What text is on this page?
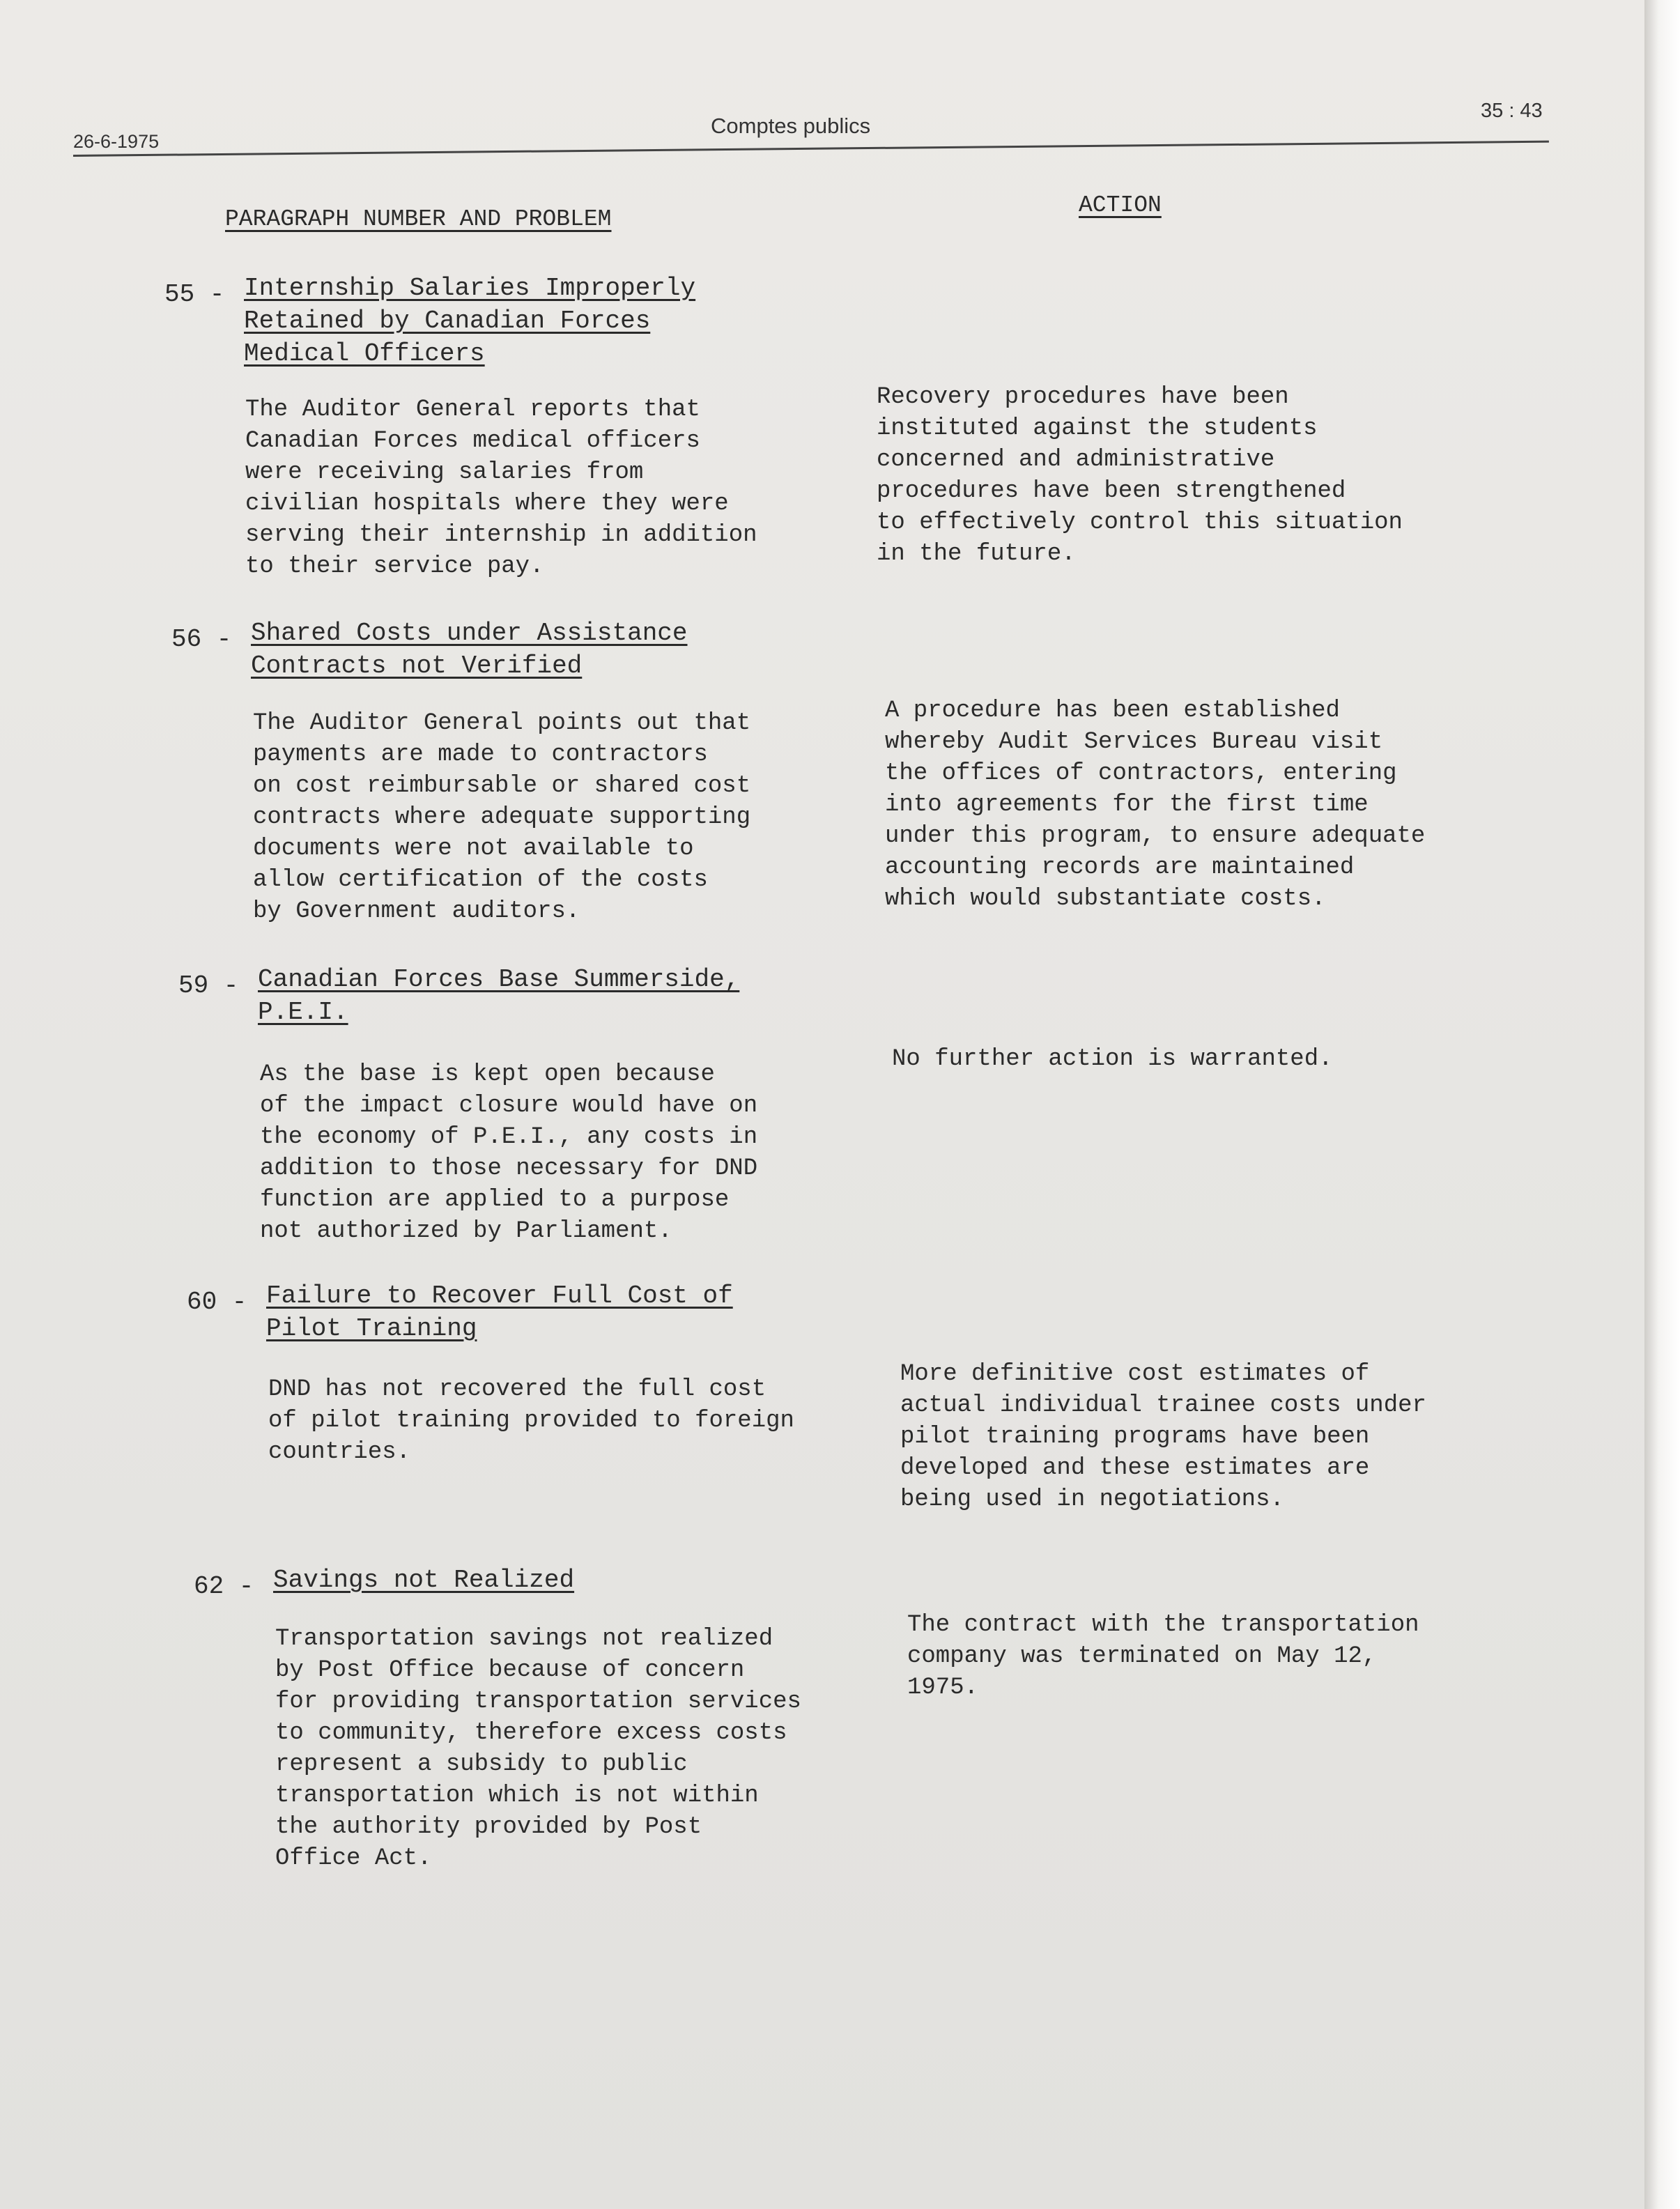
26-6-1975
Comptes publics
35 : 43
PARAGRAPH NUMBER AND PROBLEM
ACTION
55 - Internship Salaries Improperly Retained by Canadian Forces Medical Officers
The Auditor General reports that
Canadian Forces medical officers
were receiving salaries from
civilian hospitals where they were
serving their internship in addition
to their service pay.
Recovery procedures have been
instituted against the students
concerned and administrative
procedures have been strengthened
to effectively control this situation
in the future.
56 - Shared Costs under Assistance Contracts not Verified
The Auditor General points out that
payments are made to contractors
on cost reimbursable or shared cost
contracts where adequate supporting
documents were not available to
allow certification of the costs
by Government auditors.
A procedure has been established
whereby Audit Services Bureau visit
the offices of contractors, entering
into agreements for the first time
under this program, to ensure adequate
accounting records are maintained
which would substantiate costs.
59 - Canadian Forces Base Summerside, P.E.I.
As the base is kept open because
of the impact closure would have on
the economy of P.E.I., any costs in
addition to those necessary for DND
function are applied to a purpose
not authorized by Parliament.
No further action is warranted.
60 - Failure to Recover Full Cost of Pilot Training
DND has not recovered the full cost
of pilot training provided to foreign
countries.
More definitive cost estimates of
actual individual trainee costs under
pilot training programs have been
developed and these estimates are
being used in negotiations.
62 - Savings not Realized
Transportation savings not realized
by Post Office because of concern
for providing transportation services
to community, therefore excess costs
represent a subsidy to public
transportation which is not within
the authority provided by Post
Office Act.
The contract with the transportation
company was terminated on May 12,
1975.
